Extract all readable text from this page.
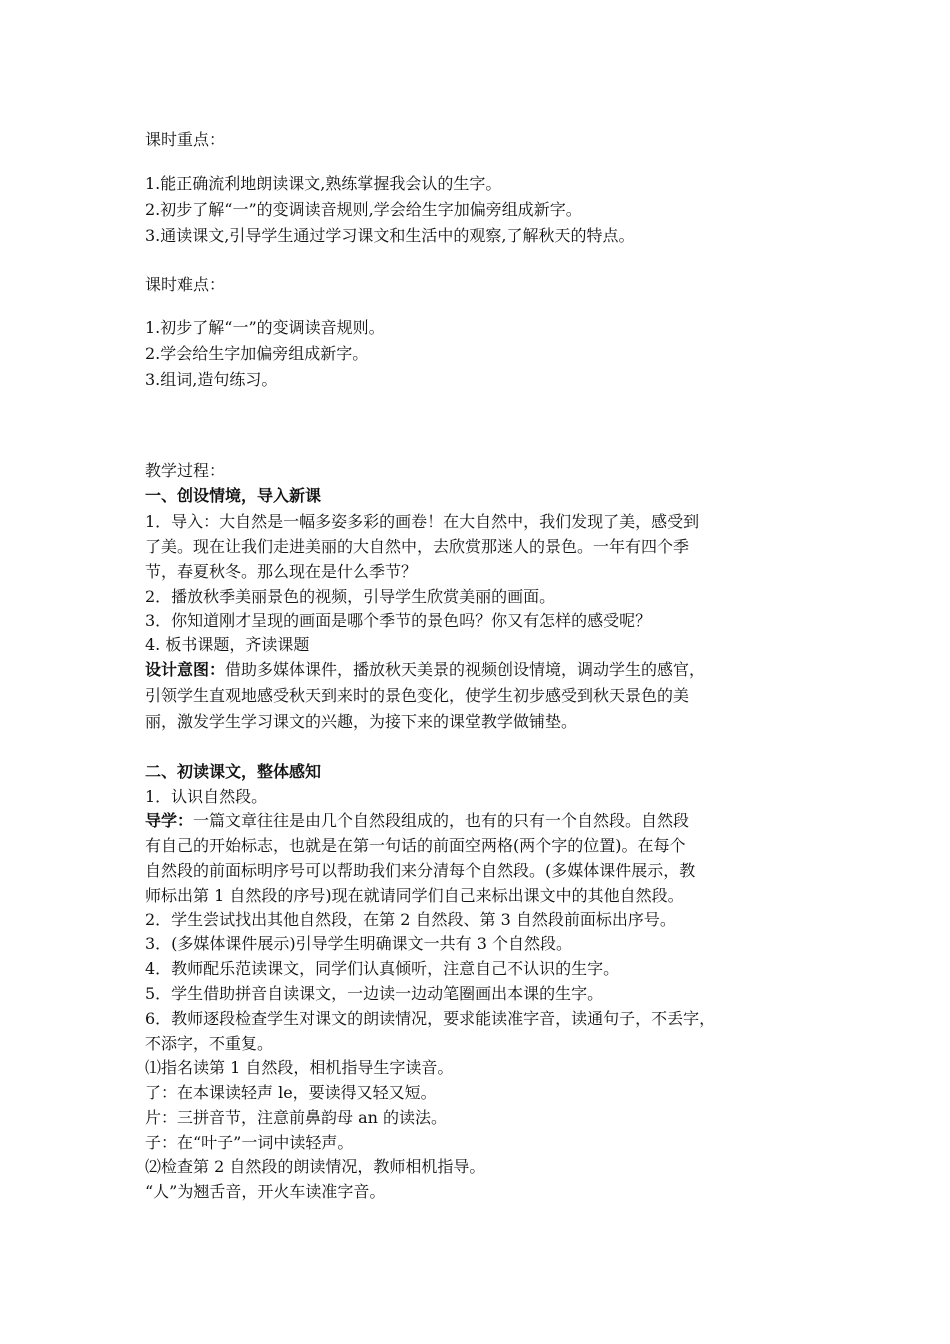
课时重点：
1.能正确流利地朗读课文,熟练掌握我会认的生字。
2.初步了解“一”的变调读音规则,学会给生字加偏旁组成新字。
3.通读课文,引导学生通过学习课文和生活中的观察,了解秋天的特点。
课时难点：
1.初步了解“一”的变调读音规则。
2.学会给生字加偏旁组成新字。
3.组词,造句练习。
教学过程：
一、创设情境，导入新课
1．导入：大自然是一幅多姿多彩的画卷！在大自然中，我们发现了美，感受到
了美。现在让我们走进美丽的大自然中，去欣赏那迷人的景色。一年有四个季
节，春夏秋冬。那么现在是什么季节？
2．播放秋季美丽景色的视频，引导学生欣赏美丽的画面。
3．你知道刚才呈现的画面是哪个季节的景色吗？你又有怎样的感受呢？
4. 板书课题，齐读课题
设计意图：借助多媒体课件，播放秋天美景的视频创设情境，调动学生的感官，
引领学生直观地感受秋天到来时的景色变化，使学生初步感受到秋天景色的美
丽，激发学生学习课文的兴趣，为接下来的课堂教学做铺垫。
二、初读课文，整体感知
1．认识自然段。
导学：一篇文章往往是由几个自然段组成的，也有的只有一个自然段。自然段
有自己的开始标志，也就是在第一句话的前面空两格(两个字的位置)。在每个
自然段的前面标明序号可以帮助我们来分清每个自然段。(多媒体课件展示，教
师标出第 1 自然段的序号)现在就请同学们自己来标出课文中的其他自然段。
2．学生尝试找出其他自然段，在第 2 自然段、第 3 自然段前面标出序号。
3．(多媒体课件展示)引导学生明确课文一共有 3 个自然段。
4．教师配乐范读课文，同学们认真倾听，注意自己不认识的生字。
5．学生借助拼音自读课文，一边读一边动笔圈画出本课的生字。
6．教师逐段检查学生对课文的朗读情况，要求能读准字音，读通句子，不丢字，
不添字，不重复。
⑴指名读第 1 自然段，相机指导生字读音。
了：在本课读轻声 le，要读得又轻又短。
片：三拼音节，注意前鼻韵母 an 的读法。
子：在“叶子”一词中读轻声。
⑵检查第 2 自然段的朗读情况，教师相机指导。
“人”为翘舌音，开火车读准字音。
